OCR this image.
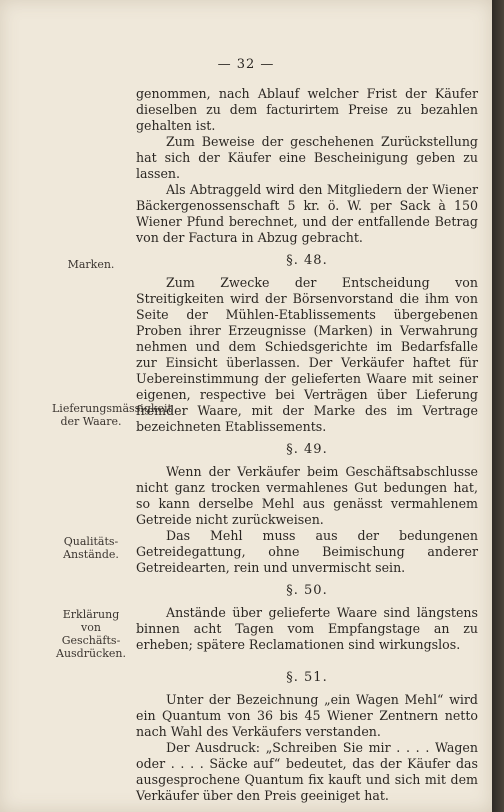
— 32 —
Marken.
Lieferungsmässigkeit der Waare.
Qualitäts-Anstände.
Erklärung von Geschäfts-Ausdrücken.

genommen, nach Ablauf welcher Frist der Käufer dieselben zu dem facturirtem Preise zu bezahlen gehalten ist.

Zum Beweise der geschehenen Zurückstellung hat sich der Käufer eine Bescheinigung geben zu lassen.

Als Abtraggeld wird den Mitgliedern der Wiener Bäckergenossenschaft 5 kr. ö. W. per Sack à 150 Wiener Pfund berechnet, und der entfallende Betrag von der Factura in Abzug gebracht.

§. 48.

Zum Zwecke der Entscheidung von Streitigkeiten wird der Börsenvorstand die ihm von Seite der Mühlen-Etablissements übergebenen Proben ihrer Erzeugnisse (Marken) in Verwahrung nehmen und dem Schiedsgerichte im Bedarfsfalle zur Einsicht überlassen. Der Verkäufer haftet für Uebereinstimmung der gelieferten Waare mit seiner eigenen, respective bei Verträgen über Lieferung fremder Waare, mit der Marke des im Vertrage bezeichneten Etablissements.

§. 49.

Wenn der Verkäufer beim Geschäftsabschlusse nicht ganz trocken vermahlenes Gut bedungen hat, so kann derselbe Mehl aus genässt vermahlenem Getreide nicht zurückweisen.

Das Mehl muss aus der bedungenen Getreidegattung, ohne Beimischung anderer Getreidearten, rein und unvermischt sein.

§. 50.

Anstände über gelieferte Waare sind längstens binnen acht Tagen vom Empfangstage an zu erheben; spätere Reclamationen sind wirkungslos.

§. 51.

Unter der Bezeichnung „ein Wagen Mehl“ wird ein Quantum von 36 bis 45 Wiener Zentnern netto nach Wahl des Verkäufers verstanden.

Der Ausdruck: „Schreiben Sie mir . . . . Wagen oder . . . . Säcke auf“ bedeutet, das der Käufer das ausgesprochene Quantum fix kauft und sich mit dem Verkäufer über den Preis geeiniget hat.
